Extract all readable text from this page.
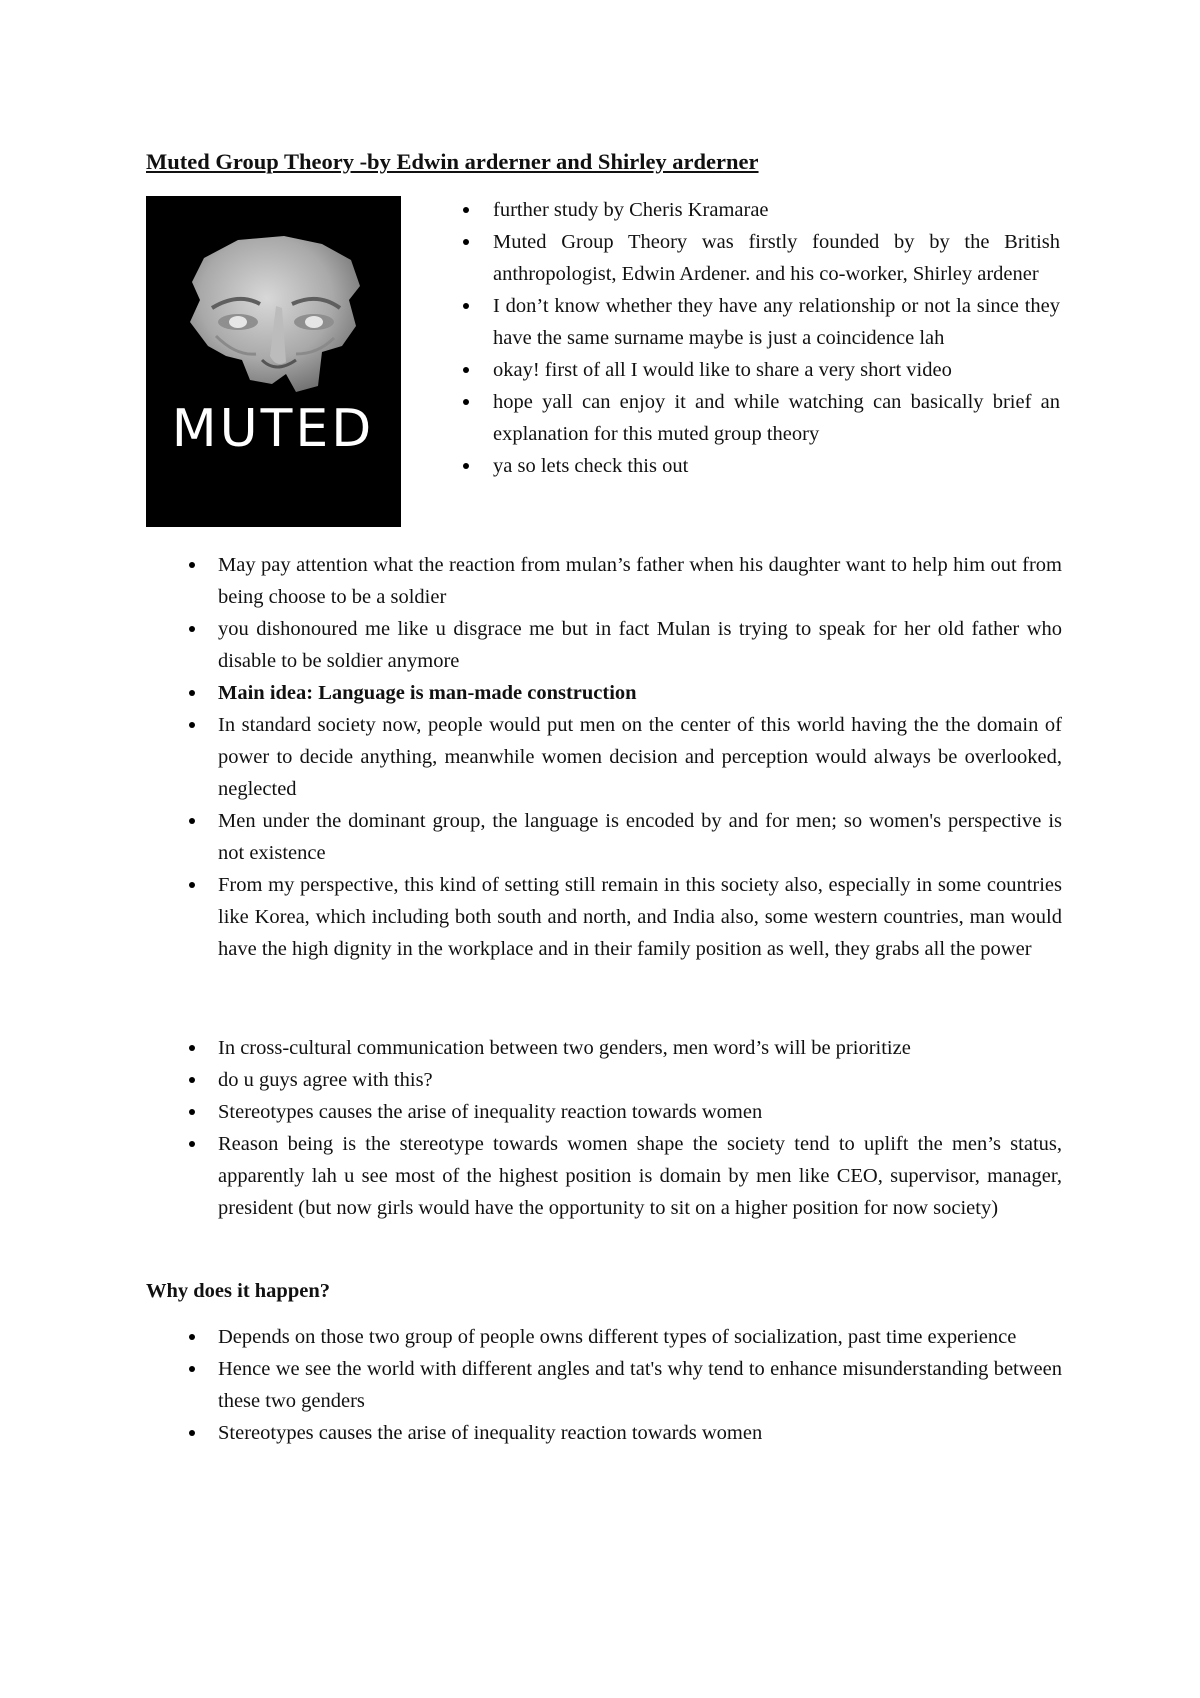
Muted Group Theory -by Edwin arderner and Shirley arderner
MUTED
further study by Cheris Kramarae
Muted Group Theory was firstly founded by by the British anthropologist, Edwin Ardener. and his co-worker, Shirley ardener
I don’t know whether they have any relationship or not la since they have the same surname maybe is just a coincidence lah
okay! first of all I would like to share a very short video
hope yall can enjoy it and while watching can basically brief an explanation for this muted group theory
ya so lets check this out
May pay attention what the reaction from mulan’s father when his daughter want to help him out from being choose to be a soldier
you dishonoured me like u disgrace me but in fact Mulan is trying to speak for her old father who disable to be soldier anymore
Main idea: Language is man-made construction
In standard society now, people would put men on the center of this world having the the domain of power to decide anything, meanwhile women decision and perception would always be overlooked, neglected
Men under the dominant group, the language is encoded by and for men; so women's perspective is not existence
From my perspective, this kind of setting still remain in this society also, especially in some countries like Korea, which including both south and north, and India also, some western countries, man would have the high dignity in the workplace and in their family position as well, they grabs all the power
In cross-cultural communication between two genders, men word’s will be prioritize
do u guys agree with this?
Stereotypes causes the arise of inequality reaction towards women
Reason being is the stereotype towards women shape the society tend to uplift the men’s status, apparently lah u see most of the highest position is domain by men like CEO, supervisor, manager, president (but now girls would have the opportunity to sit on a higher position for now society)
Why does it happen?
Depends on those two group of people owns different types of socialization, past time experience
Hence we see the world with different angles and tat's why tend to enhance misunderstanding between these two genders
Stereotypes causes the arise of inequality reaction towards women
